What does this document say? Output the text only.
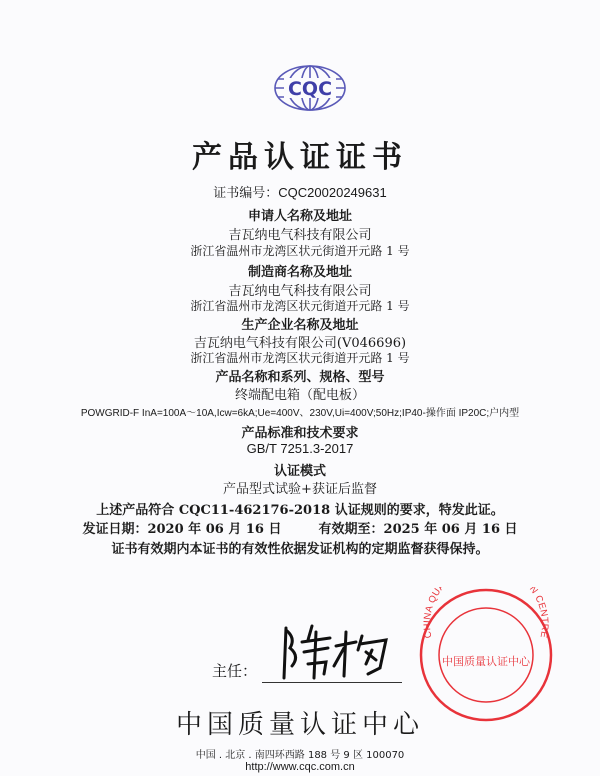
CQC
产品认证证书
证书编号：CQC20020249631
申请人名称及地址
吉瓦纳电气科技有限公司
浙江省温州市龙湾区状元街道开元路 1 号
制造商名称及地址
吉瓦纳电气科技有限公司
浙江省温州市龙湾区状元街道开元路 1 号
生产企业名称及地址
吉瓦纳电气科技有限公司(V046696)
浙江省温州市龙湾区状元街道开元路 1 号
产品名称和系列、规格、型号
终端配电箱（配电板）
POWGRID-F InA=100A～10A,Icw=6kA;Ue=400V、230V,Ui=400V;50Hz;IP40-操作面 IP20C;户内型
产品标准和技术要求
GB/T 7251.3-2017
认证模式
产品型式试验+获证后监督
上述产品符合 CQC11-462176-2018 认证规则的要求，特发此证。
发证日期：2020 年 06 月 16 日	有效期至：2025 年 06 月 16 日
证书有效期内本证书的有效性依据发证机构的定期监督获得保持。
主任：
CHINA QU N CENTRE
中国质量认证中心
中国质量认证中心
中国 . 北京 . 南四环西路 188 号 9 区 100070
http://www.cqc.com.cn
